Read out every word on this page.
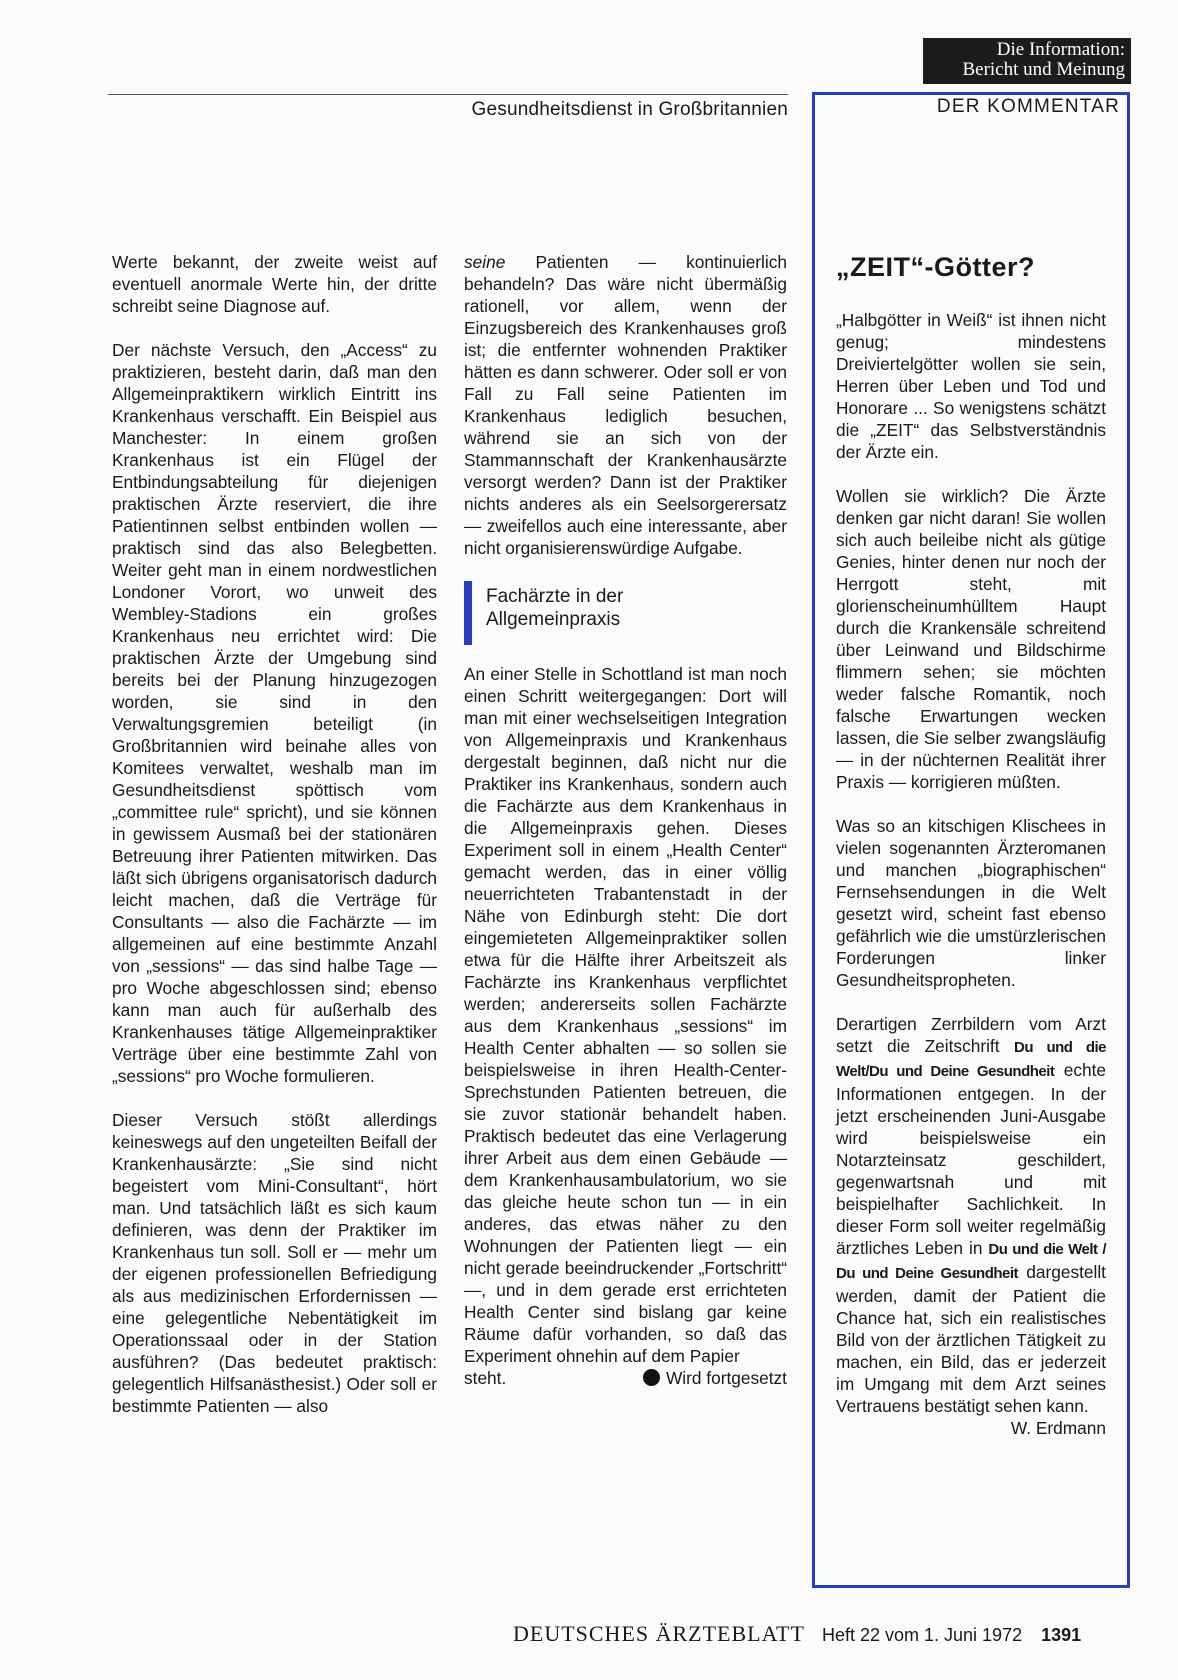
Die Information:
Bericht und Meinung
Gesundheitsdienst in Großbritannien	DER KOMMENTAR

Werte bekannt, der zweite weist auf eventuell anormale Werte hin, der dritte schreibt seine Diagnose auf.

Der nächste Versuch, den „Access“ zu praktizieren, besteht darin, daß man den Allgemeinpraktikern wirklich Eintritt ins Krankenhaus verschafft. Ein Beispiel aus Manchester: In einem großen Krankenhaus ist ein Flügel der Entbindungsabteilung für diejenigen praktischen Ärzte reserviert, die ihre Patientinnen selbst entbinden wollen — praktisch sind das also Belegbetten. Weiter geht man in einem nordwestlichen Londoner Vorort, wo unweit des Wembley-Stadions ein großes Krankenhaus neu errichtet wird: Die praktischen Ärzte der Umgebung sind bereits bei der Planung hinzugezogen worden, sie sind in den Verwaltungsgremien beteiligt (in Großbritannien wird beinahe alles von Komitees verwaltet, weshalb man im Gesundheitsdienst spöttisch vom „committee rule“ spricht), und sie können in gewissem Ausmaß bei der stationären Betreuung ihrer Patienten mitwirken. Das läßt sich übrigens organisatorisch dadurch leicht machen, daß die Verträge für Consultants — also die Fachärzte — im allgemeinen auf eine bestimmte Anzahl von „sessions“ — das sind halbe Tage — pro Woche abgeschlossen sind; ebenso kann man auch für außerhalb des Krankenhauses tätige Allgemeinpraktiker Verträge über eine bestimmte Zahl von „sessions“ pro Woche formulieren.

Dieser Versuch stößt allerdings keineswegs auf den ungeteilten Beifall der Krankenhausärzte: „Sie sind nicht begeistert vom Mini-Consultant“, hört man. Und tatsächlich läßt es sich kaum definieren, was denn der Praktiker im Krankenhaus tun soll. Soll er — mehr um der eigenen professionellen Befriedigung als aus medizinischen Erfordernissen — eine gelegentliche Nebentätigkeit im Operationssaal oder in der Station ausführen? (Das bedeutet praktisch: gelegentlich Hilfsanästhesist.) Oder soll er bestimmte Patienten — also

seine Patienten — kontinuierlich behandeln? Das wäre nicht übermäßig rationell, vor allem, wenn der Einzugsbereich des Krankenhauses groß ist; die entfernter wohnenden Praktiker hätten es dann schwerer. Oder soll er von Fall zu Fall seine Patienten im Krankenhaus lediglich besuchen, während sie an sich von der Stammannschaft der Krankenhausärzte versorgt werden? Dann ist der Praktiker nichts anderes als ein Seelsorgerersatz — zweifellos auch eine interessante, aber nicht organisierenswürdige Aufgabe.

Fachärzte in der
Allgemeinpraxis

An einer Stelle in Schottland ist man noch einen Schritt weitergegangen: Dort will man mit einer wechselseitigen Integration von Allgemeinpraxis und Krankenhaus dergestalt beginnen, daß nicht nur die Praktiker ins Krankenhaus, sondern auch die Fachärzte aus dem Krankenhaus in die Allgemeinpraxis gehen. Dieses Experiment soll in einem „Health Center“ gemacht werden, das in einer völlig neuerrichteten Trabantenstadt in der Nähe von Edinburgh steht: Die dort eingemieteten Allgemeinpraktiker sollen etwa für die Hälfte ihrer Arbeitszeit als Fachärzte ins Krankenhaus verpflichtet werden; andererseits sollen Fachärzte aus dem Krankenhaus „sessions“ im Health Center abhalten — so sollen sie beispielsweise in ihren Health-Center-Sprechstunden Patienten betreuen, die sie zuvor stationär behandelt haben. Praktisch bedeutet das eine Verlagerung ihrer Arbeit aus dem einen Gebäude — dem Krankenhausambulatorium, wo sie das gleiche heute schon tun — in ein anderes, das etwas näher zu den Wohnungen der Patienten liegt — ein nicht gerade beeindruckender „Fortschritt“ —, und in dem gerade erst errichteten Health Center sind bislang gar keine Räume dafür vorhanden, so daß das Experiment ohnehin auf dem Papier

steht.	Wird fortgesetzt
„ZEIT“-Götter?

„Halbgötter in Weiß“ ist ihnen nicht genug; mindestens Dreiviertelgötter wollen sie sein, Herren über Leben und Tod und Honorare ... So wenigstens schätzt die „ZEIT“ das Selbstverständnis der Ärzte ein.

Wollen sie wirklich? Die Ärzte denken gar nicht daran! Sie wollen sich auch beileibe nicht als gütige Genies, hinter denen nur noch der Herrgott steht, mit glorienscheinumhülltem Haupt durch die Krankensäle schreitend über Leinwand und Bildschirme flimmern sehen; sie möchten weder falsche Romantik, noch falsche Erwartungen wecken lassen, die Sie selber zwangsläufig — in der nüchternen Realität ihrer Praxis — korrigieren müßten.

Was so an kitschigen Klischees in vielen sogenannten Ärzteromanen und manchen „biographischen“ Fernsehsendungen in die Welt gesetzt wird, scheint fast ebenso gefährlich wie die umstürzlerischen Forderungen linker Gesundheitspropheten.

Derartigen Zerrbildern vom Arzt setzt die Zeitschrift Du und die Welt/Du und Deine Gesundheit echte Informationen entgegen. In der jetzt erscheinenden Juni-Ausgabe wird beispielsweise ein Notarzteinsatz geschildert, gegenwartsnah und mit beispielhafter Sachlichkeit. In dieser Form soll weiter regelmäßig ärztliches Leben in Du und die Welt / Du und Deine Gesundheit dargestellt werden, damit der Patient die Chance hat, sich ein realistisches Bild von der ärztlichen Tätigkeit zu machen, ein Bild, das er jederzeit im Umgang mit dem Arzt seines Vertrauens bestätigt sehen kann.
W. Erdmann

DEUTSCHES ÄRZTEBLATT Heft 22 vom 1. Juni 1972 1391
